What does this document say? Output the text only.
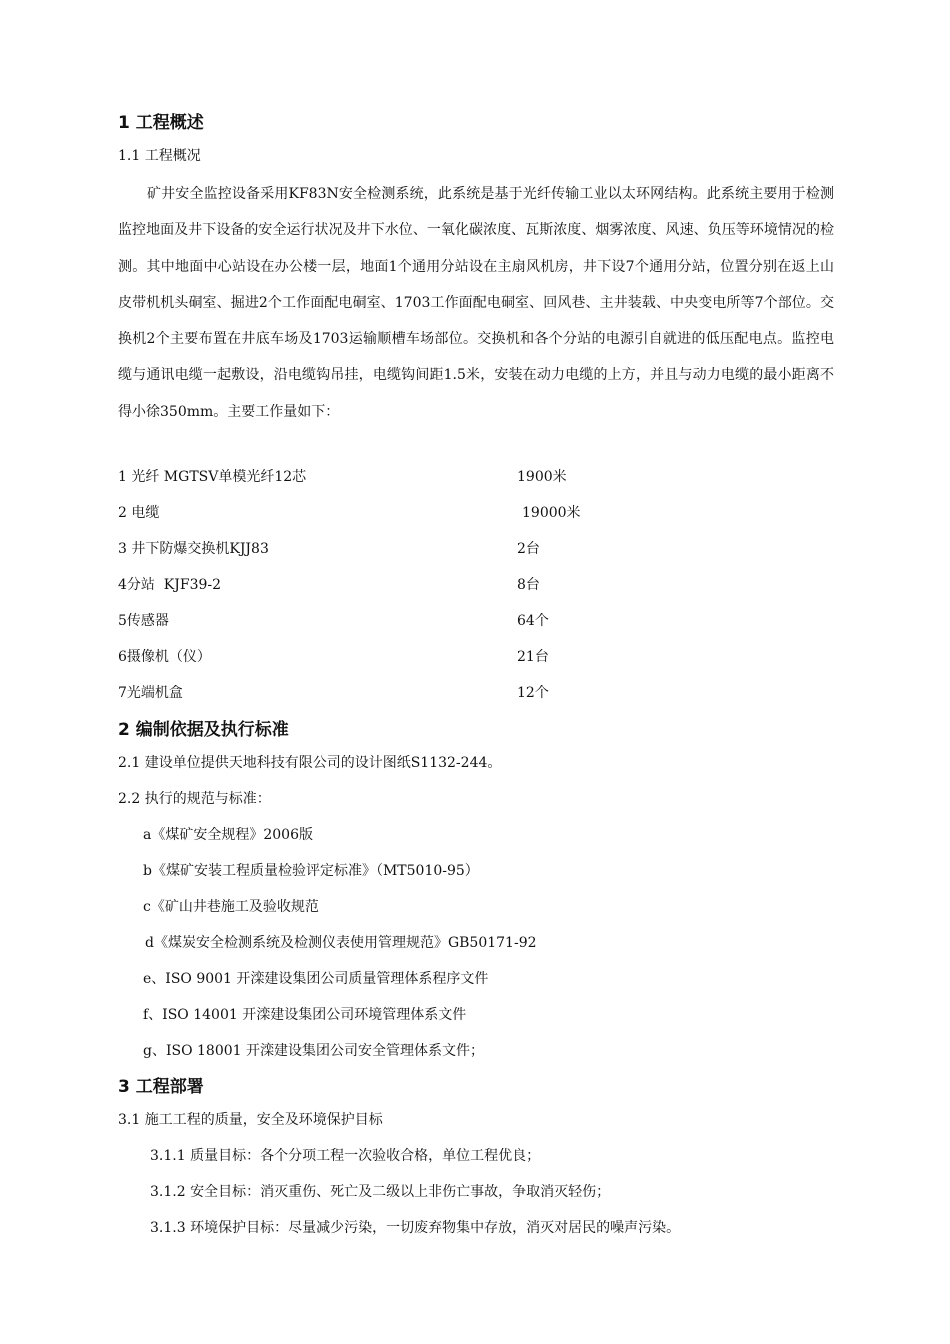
1 工程概述
1.1 工程概况

矿井安全监控设备采用KF83N安全检测系统，此系统是基于光纤传输工业以太环网结构。此系统主要用于检测监控地面及井下设备的安全运行状况及井下水位、一氧化碳浓度、瓦斯浓度、烟雾浓度、风速、负压等环境情况的检测。其中地面中心站设在办公楼一层，地面1个通用分站设在主扇风机房，井下设7个通用分站，位置分别在返上山皮带机机头硐室、掘进2个工作面配电硐室、1703工作面配电硐室、回风巷、主井装载、中央变电所等7个部位。交换机2个主要布置在井底车场及1703运输顺槽车场部位。交换机和各个分站的电源引自就进的低压配电点。监控电缆与通讯电缆一起敷设，沿电缆钩吊挂，电缆钩间距1.5米，安装在动力电缆的上方，并且与动力电缆的最小距离不得小徐350mm。主要工作量如下：

1 光纤 MGTSV单模光纤12芯	1900米
2 电缆	19000米
3 井下防爆交换机KJJ83	2台
4分站  KJF39-2	8台
5传感器	64个
6摄像机（仪）	21台
7光端机盒	12个
2 编制依据及执行标准
2.1 建设单位提供天地科技有限公司的设计图纸S1132-244。
2.2 执行的规范与标准：
a《煤矿安全规程》2006版
b《煤矿安装工程质量检验评定标准》（MT5010-95）
c《矿山井巷施工及验收规范
d《煤炭安全检测系统及检测仪表使用管理规范》GB50171-92
e、ISO 9001 开滦建设集团公司质量管理体系程序文件
f、ISO 14001 开滦建设集团公司环境管理体系文件
g、ISO 18001 开滦建设集团公司安全管理体系文件；
3 工程部署
3.1 施工工程的质量，安全及环境保护目标
3.1.1 质量目标：各个分项工程一次验收合格，单位工程优良；
3.1.2 安全目标：消灭重伤、死亡及二级以上非伤亡事故，争取消灭轻伤；
3.1.3 环境保护目标：尽量减少污染，一切废弃物集中存放，消灭对居民的噪声污染。
